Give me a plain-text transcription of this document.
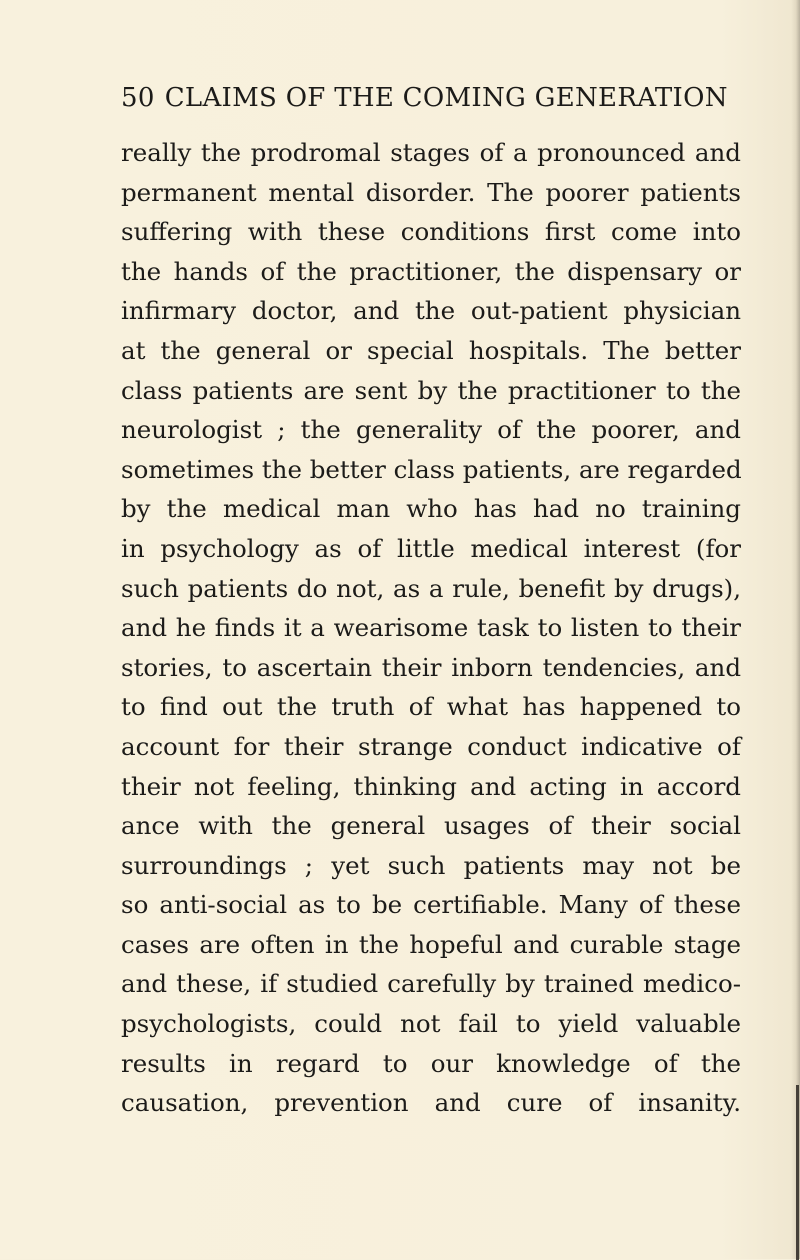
50 CLAIMS OF THE COMING GENERATION
really the prodromal stages of a pronounced and
permanent mental disorder. The poorer patients
suffering with these conditions first come into
the hands of the practitioner, the dispensary or
infirmary doctor, and the out-patient physician
at the general or special hospitals. The better
class patients are sent by the practitioner to the
neurologist ; the generality of the poorer, and
sometimes the better class patients, are regarded
by the medical man who has had no training
in psychology as of little medical interest (for
such patients do not, as a rule, benefit by drugs),
and he finds it a wearisome task to listen to their
stories, to ascertain their inborn tendencies, and
to find out the truth of what has happened to
account for their strange conduct indicative of
their not feeling, thinking and acting in accord
ance with the general usages of their social
surroundings ; yet such patients may not be
so anti-social as to be certifiable. Many of these
cases are often in the hopeful and curable stage
and these, if studied carefully by trained medico-
psychologists, could not fail to yield valuable
results in regard to our knowledge of the
causation, prevention and cure of insanity.
